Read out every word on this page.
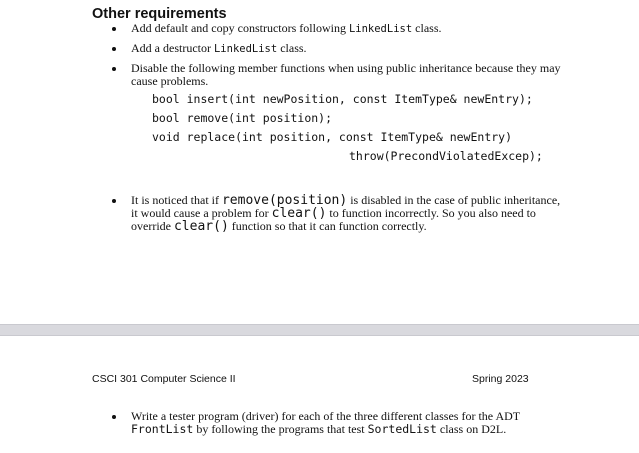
Other requirements
Add default and copy constructors following LinkedList class.
Add a destructor LinkedList class.
Disable the following member functions when using public inheritance because they may cause problems.
bool insert(int newPosition, const ItemType& newEntry);
bool remove(int position);
void replace(int position, const ItemType& newEntry)
throw(PrecondViolatedExcep);
It is noticed that if remove(position) is disabled in the case of public inheritance, it would cause a problem for clear() to function incorrectly. So you also need to override clear() function so that it can function correctly.
CSCI 301 Computer Science II	Spring 2023
Write a tester program (driver) for each of the three different classes for the ADT FrontList by following the programs that test SortedList class on D2L.
